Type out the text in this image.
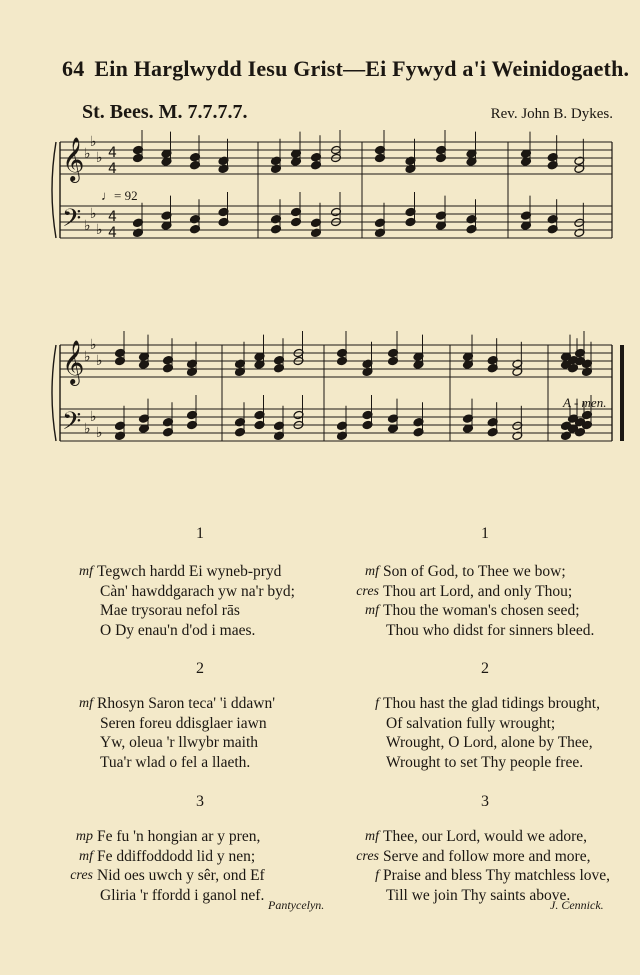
64 Ein Harglwydd Iesu Grist—Ei Fywyd a'i Weinidogaeth.
St. Bees. M. 7.7.7.7.	Rev. John B. Dykes.
𝄞
𝄢
♭
♭
♭
♭
♭
♭
4
4
4
4
♩= 92
𝄞
𝄢
♭
♭
♭
♭
♭
♭
A - men.
1
mf Tegwch hardd Ei wyneb-pryd
Càn' hawddgarach yw na'r byd;
Mae trysorau nefol rās
O Dy enau'n d'od i maes.
2
mf Rhosyn Saron teca' 'i ddawn'
Seren foreu ddisglaer iawn
Yw, oleua 'r llwybr maith
Tua'r wlad o fel a llaeth.
3
mp Fe fu 'n hongian ar y pren,
mf Fe ddiffoddodd lid y nen;
cres Nid oes uwch y sêr, ond Ef
Gliria 'r ffordd i ganol nef.
1
mf Son of God, to Thee we bow;
cres Thou art Lord, and only Thou;
mf Thou the woman's chosen seed;
Thou who didst for sinners bleed.
2
f Thou hast the glad tidings brought,
Of salvation fully wrought;
Wrought, O Lord, alone by Thee,
Wrought to set Thy people free.
3
mf Thee, our Lord, would we adore,
cres Serve and follow more and more,
f Praise and bless Thy matchless love,
Till we join Thy saints above.
Pantycelyn.	J. Cennick.
